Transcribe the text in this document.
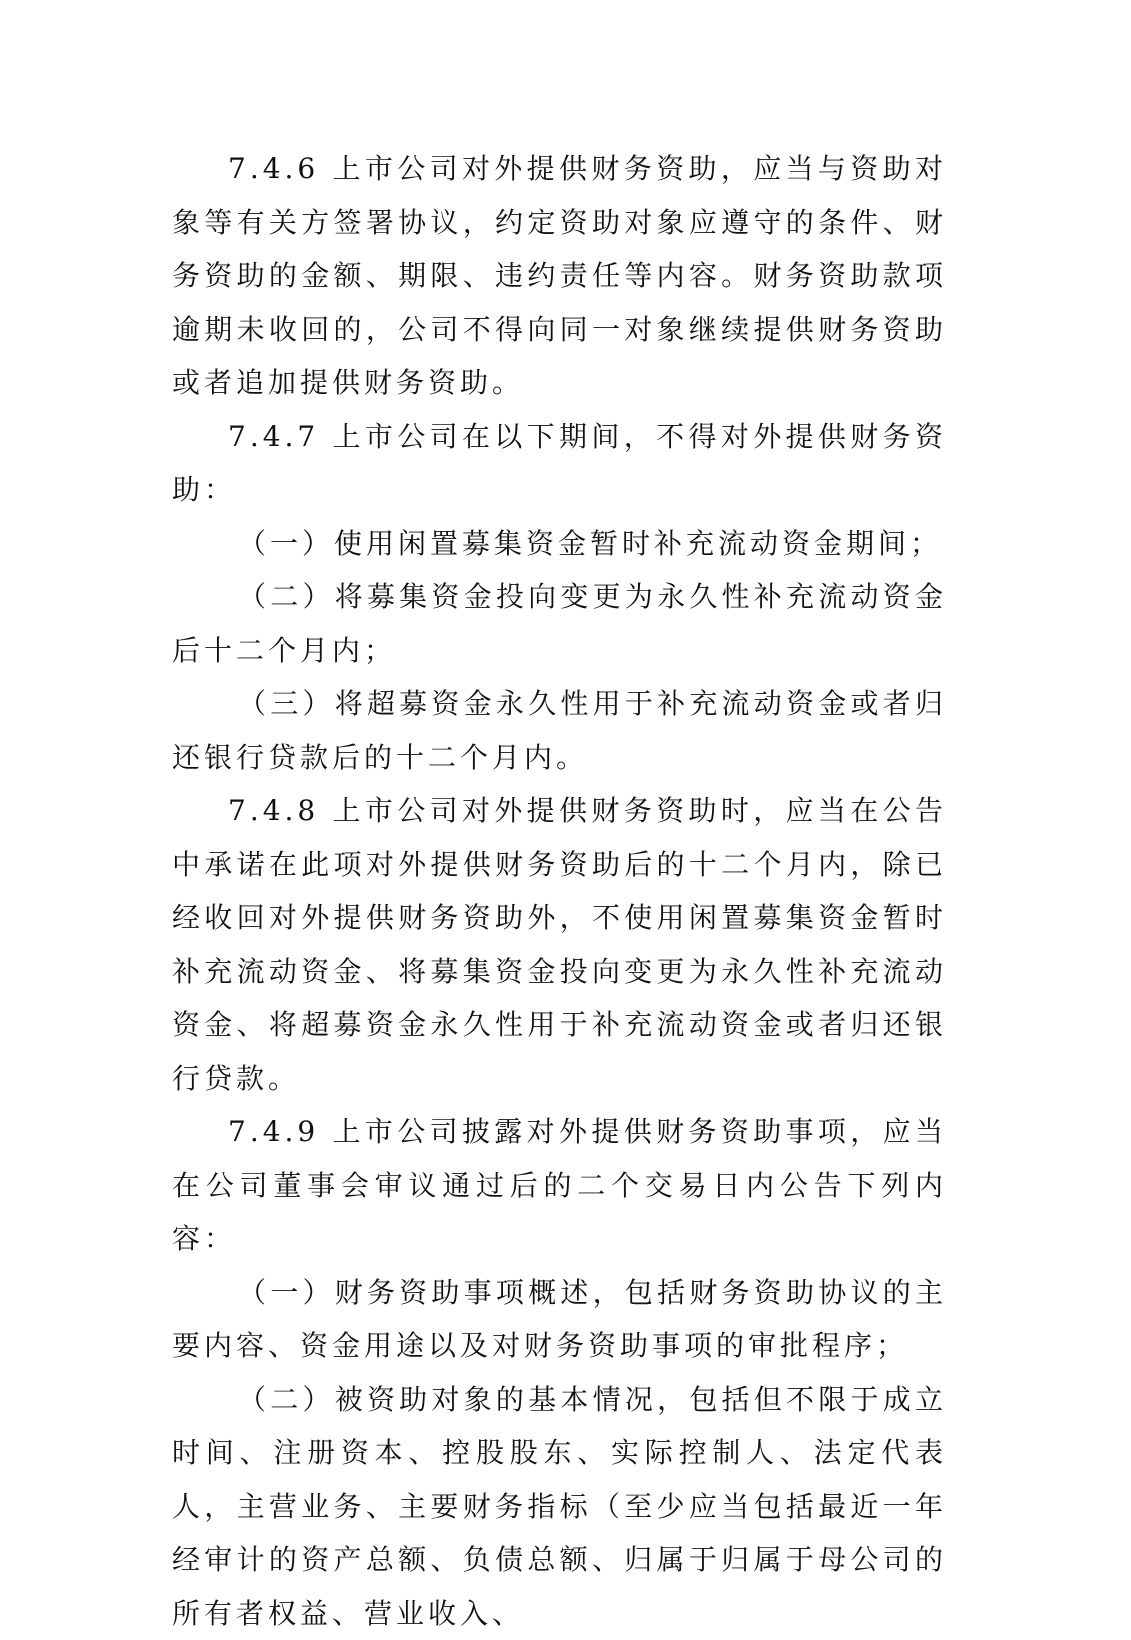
7.4.6 上市公司对外提供财务资助，应当与资助对象等有关方签署协议，约定资助对象应遵守的条件、财务资助的金额、期限、违约责任等内容。财务资助款项逾期未收回的，公司不得向同一对象继续提供财务资助或者追加提供财务资助。

7.4.7 上市公司在以下期间，不得对外提供财务资助：

（一）使用闲置募集资金暂时补充流动资金期间；

（二）将募集资金投向变更为永久性补充流动资金后十二个月内；

（三）将超募资金永久性用于补充流动资金或者归还银行贷款后的十二个月内。

7.4.8 上市公司对外提供财务资助时，应当在公告中承诺在此项对外提供财务资助后的十二个月内，除已经收回对外提供财务资助外，不使用闲置募集资金暂时补充流动资金、将募集资金投向变更为永久性补充流动资金、将超募资金永久性用于补充流动资金或者归还银行贷款。

7.4.9 上市公司披露对外提供财务资助事项，应当在公司董事会审议通过后的二个交易日内公告下列内容：

（一）财务资助事项概述，包括财务资助协议的主要内容、资金用途以及对财务资助事项的审批程序；

（二）被资助对象的基本情况，包括但不限于成立时间、注册资本、控股股东、实际控制人、法定代表人，主营业务、主要财务指标（至少应当包括最近一年经审计的资产总额、负债总额、归属于归属于母公司的所有者权益、营业收入、
